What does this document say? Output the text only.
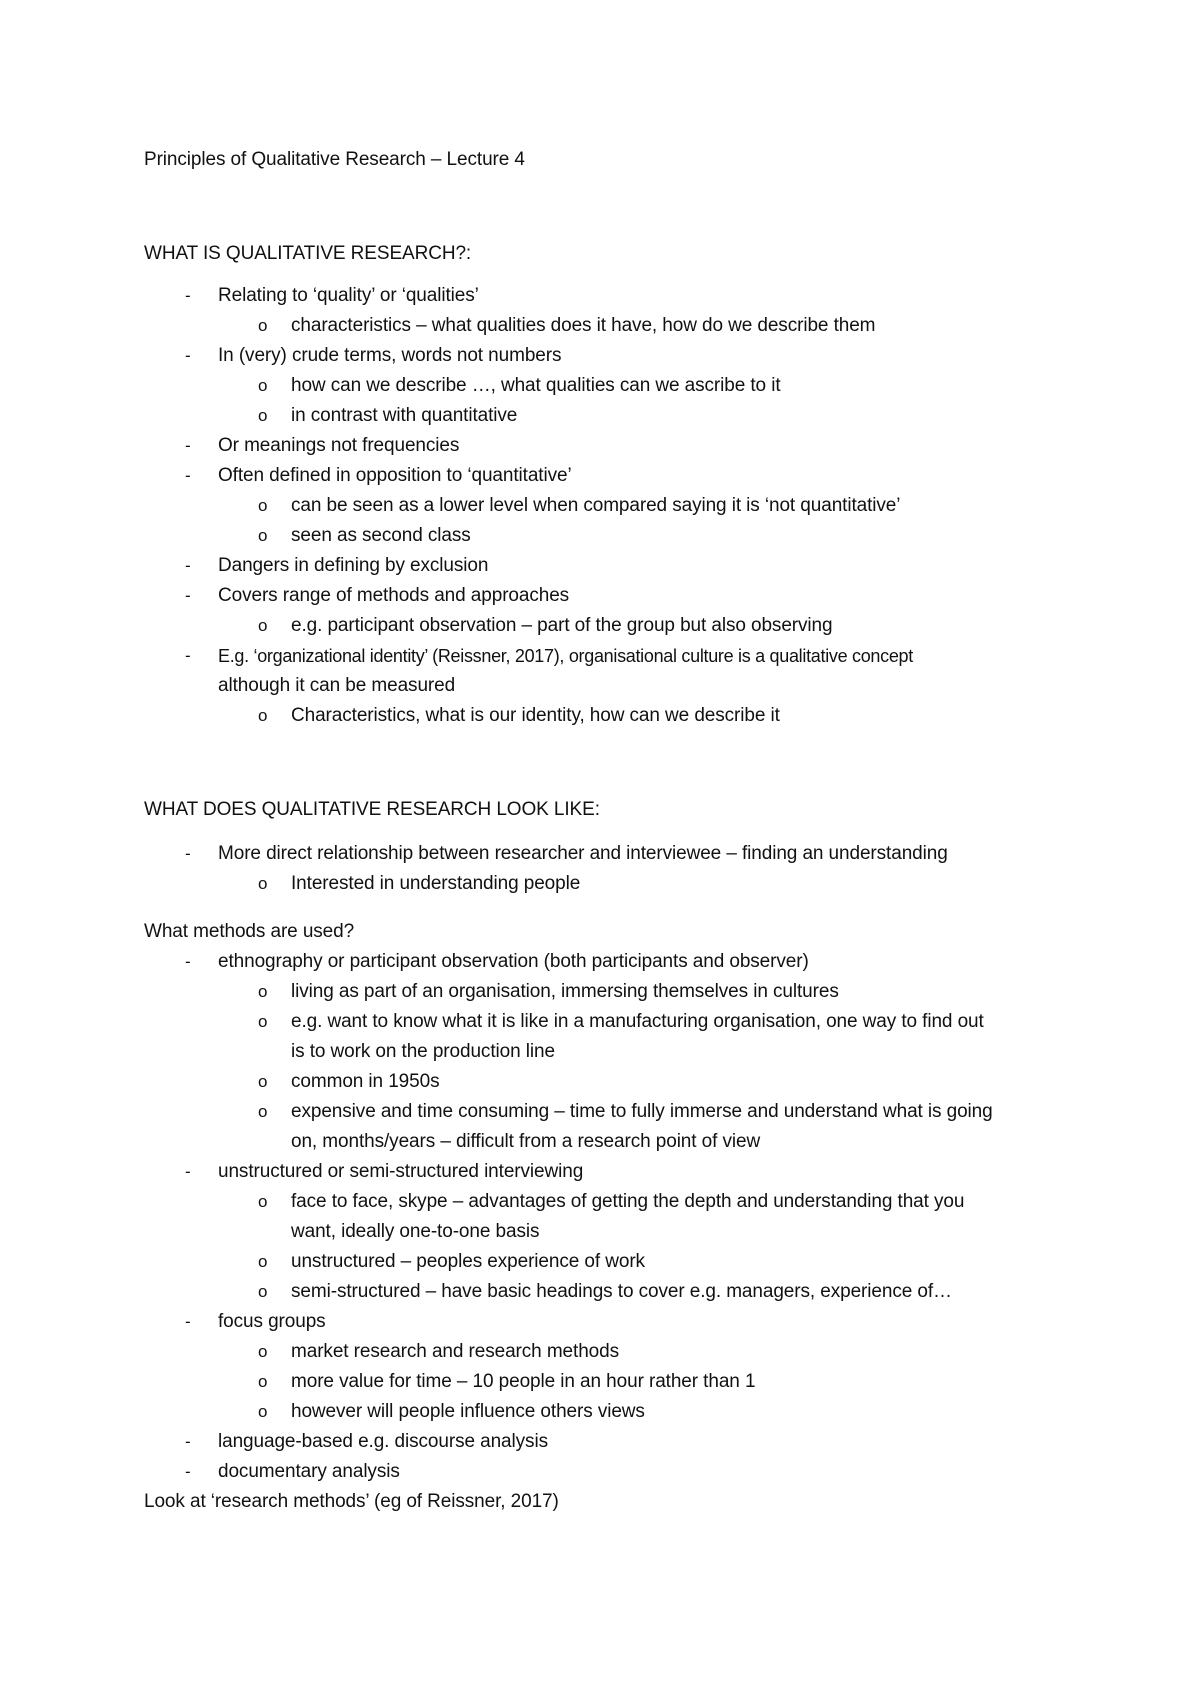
Principles of Qualitative Research – Lecture 4
WHAT IS QUALITATIVE RESEARCH?:
- Relating to ‘quality’ or ‘qualities’
o characteristics – what qualities does it have, how do we describe them
- In (very) crude terms, words not numbers
o how can we describe …, what qualities can we ascribe to it
o in contrast with quantitative
- Or meanings not frequencies
- Often defined in opposition to ‘quantitative’
o can be seen as a lower level when compared saying it is ‘not quantitative’
o seen as second class
- Dangers in defining by exclusion
- Covers range of methods and approaches
o e.g. participant observation – part of the group but also observing
- E.g. ‘organizational identity’ (Reissner, 2017), organisational culture is a qualitative concept
although it can be measured
o Characteristics, what is our identity, how can we describe it
WHAT DOES QUALITATIVE RESEARCH LOOK LIKE:
- More direct relationship between researcher and interviewee – finding an understanding
o Interested in understanding people
What methods are used?
- ethnography or participant observation (both participants and observer)
o living as part of an organisation, immersing themselves in cultures
o e.g. want to know what it is like in a manufacturing organisation, one way to find out
is to work on the production line
o common in 1950s
o expensive and time consuming – time to fully immerse and understand what is going
on, months/years – difficult from a research point of view
- unstructured or semi-structured interviewing
o face to face, skype – advantages of getting the depth and understanding that you
want, ideally one-to-one basis
o unstructured – peoples experience of work
o semi-structured – have basic headings to cover e.g. managers, experience of…
- focus groups
o market research and research methods
o more value for time – 10 people in an hour rather than 1
o however will people influence others views
- language-based e.g. discourse analysis
- documentary analysis
Look at ‘research methods’ (eg of Reissner, 2017)
